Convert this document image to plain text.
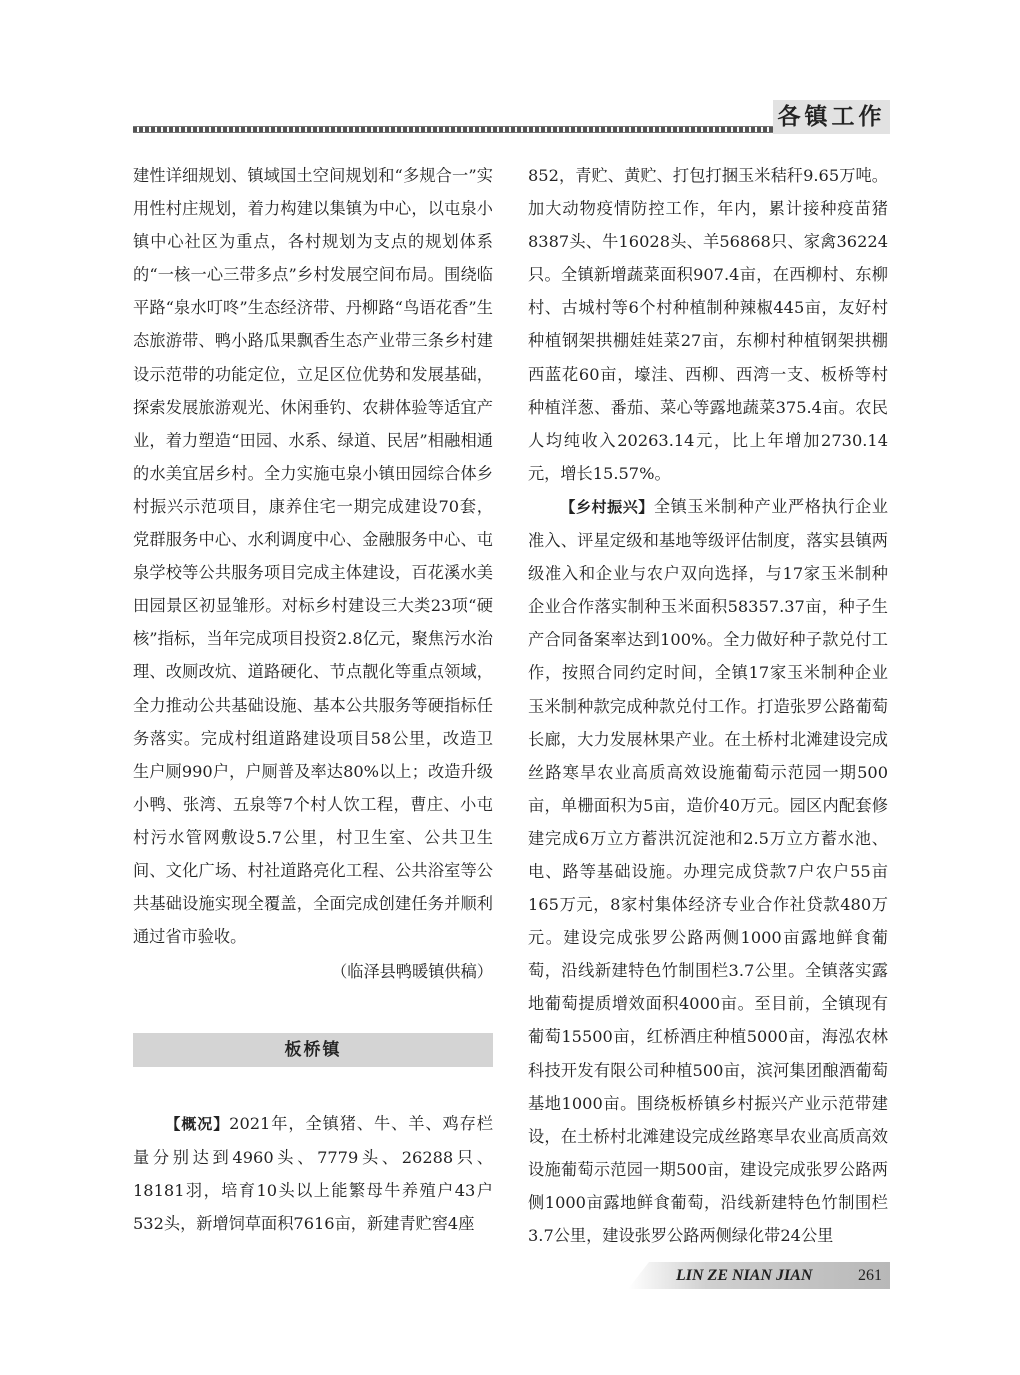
各镇工作

建性详细规划、镇域国土空间规划和“多规合一”实用性村庄规划，着力构建以集镇为中心，以屯泉小镇中心社区为重点，各村规划为支点的规划体系的“一核一心三带多点”乡村发展空间布局。围绕临平路“泉水叮咚”生态经济带、丹柳路“鸟语花香”生态旅游带、鸭小路瓜果飘香生态产业带三条乡村建设示范带的功能定位，立足区位优势和发展基础，探索发展旅游观光、休闲垂钓、农耕体验等适宜产业，着力塑造“田园、水系、绿道、民居”相融相通的水美宜居乡村。全力实施屯泉小镇田园综合体乡村振兴示范项目，康养住宅一期完成建设70套，党群服务中心、水利调度中心、金融服务中心、屯泉学校等公共服务项目完成主体建设，百花溪水美田园景区初显雏形。对标乡村建设三大类23项“硬核”指标，当年完成项目投资2.8亿元，聚焦污水治理、改厕改炕、道路硬化、节点靓化等重点领域，全力推动公共基础设施、基本公共服务等硬指标任务落实。完成村组道路建设项目58公里，改造卫生户厕990户，户厕普及率达80%以上；改造升级小鸭、张湾、五泉等7个村人饮工程，曹庄、小屯村污水管网敷设5.7公里，村卫生室、公共卫生间、文化广场、村社道路亮化工程、公共浴室等公共基础设施实现全覆盖，全面完成创建任务并顺利通过省市验收。

（临泽县鸭暖镇供稿）

板桥镇

【概况】2021年，全镇猪、牛、羊、鸡存栏量分别达到4960头、7779头、26288只、18181羽，培育10头以上能繁母牛养殖户43户532头，新增饲草面积7616亩，新建青贮窖4座

852，青贮、黄贮、打包打捆玉米秸秆9.65万吨。加大动物疫情防控工作，年内，累计接种疫苗猪8387头、牛16028头、羊56868只、家禽36224只。全镇新增蔬菜面积907.4亩，在西柳村、东柳村、古城村等6个村种植制种辣椒445亩，友好村种植钢架拱棚娃娃菜27亩，东柳村种植钢架拱棚西蓝花60亩，壕洼、西柳、西湾一支、板桥等村种植洋葱、番茄、菜心等露地蔬菜375.4亩。农民人均纯收入20263.14元，比上年增加2730.14元，增长15.57%。

【乡村振兴】全镇玉米制种产业严格执行企业准入、评星定级和基地等级评估制度，落实县镇两级准入和企业与农户双向选择，与17家玉米制种企业合作落实制种玉米面积58357.37亩，种子生产合同备案率达到100%。全力做好种子款兑付工作，按照合同约定时间，全镇17家玉米制种企业玉米制种款完成种款兑付工作。打造张罗公路葡萄长廊，大力发展林果产业。在土桥村北滩建设完成丝路寒旱农业高质高效设施葡萄示范园一期500亩，单栅面积为5亩，造价40万元。园区内配套修建完成6万立方蓄洪沉淀池和2.5万立方蓄水池、电、路等基础设施。办理完成贷款7户农户55亩165万元，8家村集体经济专业合作社贷款480万元。建设完成张罗公路两侧1000亩露地鲜食葡萄，沿线新建特色竹制围栏3.7公里。全镇落实露地葡萄提质增效面积4000亩。至目前，全镇现有葡萄15500亩，红桥酒庄种植5000亩，海泓农林科技开发有限公司种植500亩，滨河集团酿酒葡萄基地1000亩。围绕板桥镇乡村振兴产业示范带建设，在土桥村北滩建设完成丝路寒旱农业高质高效设施葡萄示范园一期500亩，建设完成张罗公路两侧1000亩露地鲜食葡萄，沿线新建特色竹制围栏3.7公里，建设张罗公路两侧绿化带24公里

LIN ZE NIAN JIAN	261
